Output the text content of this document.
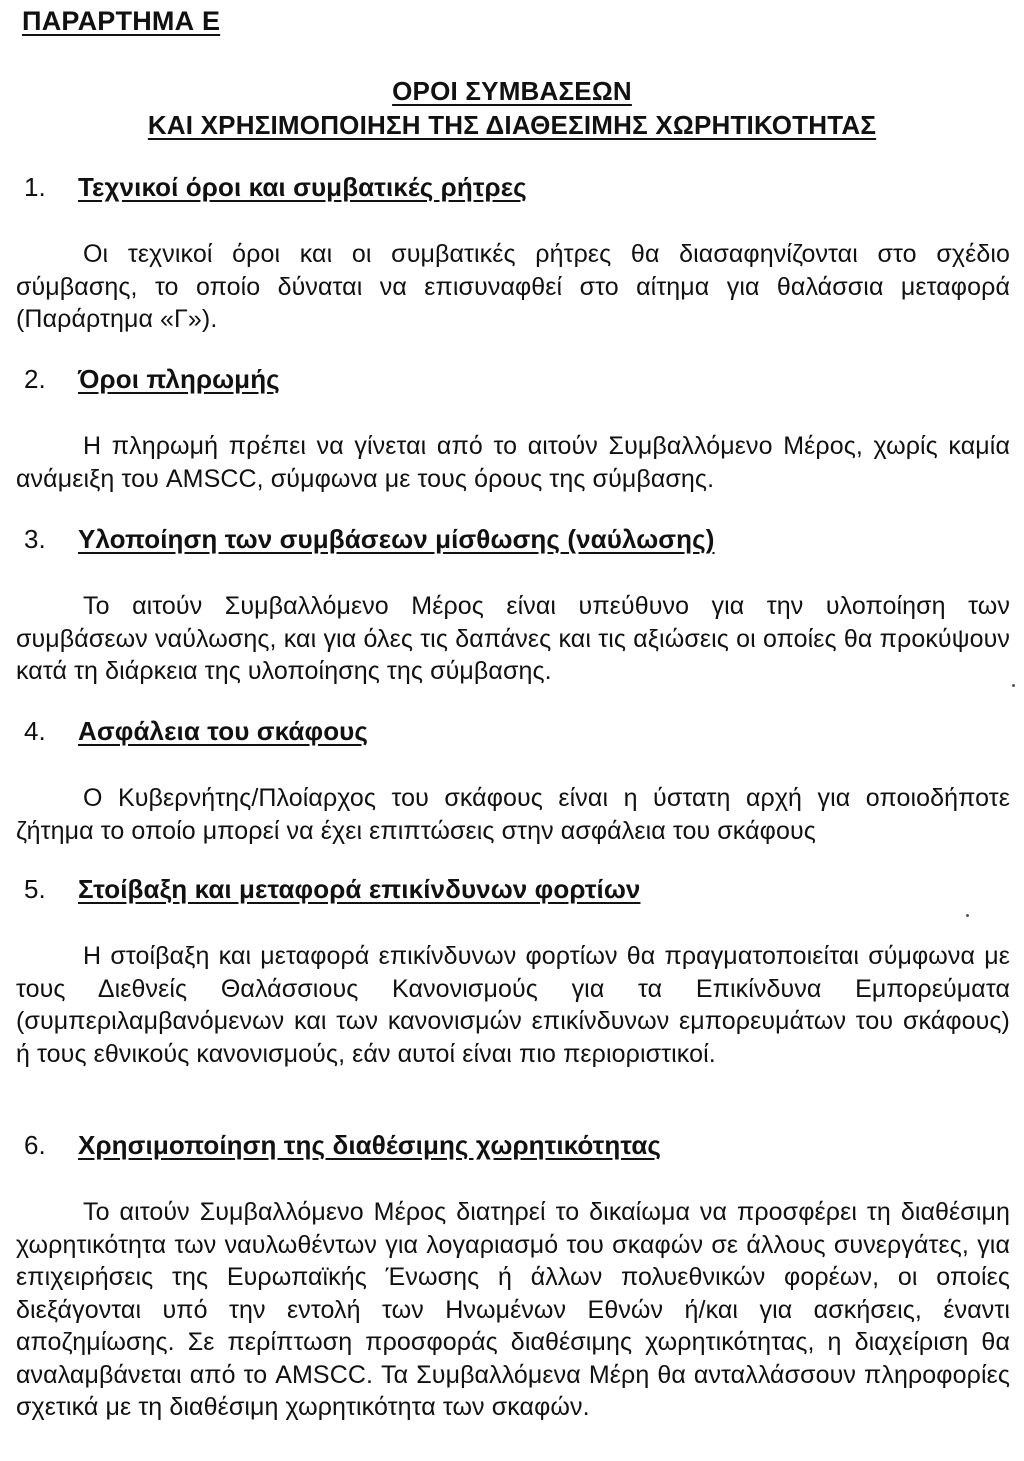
ΠΑΡΑΡΤΗΜΑ Ε
ΟΡΟΙ ΣΥΜΒΑΣΕΩΝ
ΚΑΙ ΧΡΗΣΙΜΟΠΟΙΗΣΗ ΤΗΣ ΔΙΑΘΕΣΙΜΗΣ ΧΩΡΗΤΙΚΟΤΗΤΑΣ
1.	Τεχνικοί όροι και συμβατικές ρήτρες
Οι τεχνικοί όροι και οι συμβατικές ρήτρες θα διασαφηνίζονται στο σχέδιο σύμβασης, το οποίο δύναται να επισυναφθεί στο αίτημα για θαλάσσια μεταφορά (Παράρτημα «Γ»).
2.	Όροι πληρωμής
Η πληρωμή πρέπει να γίνεται από το αιτούν Συμβαλλόμενο Μέρος, χωρίς καμία ανάμειξη του AMSCC, σύμφωνα με τους όρους της σύμβασης.
3.	Υλοποίηση των συμβάσεων μίσθωσης (ναύλωσης)
Το αιτούν Συμβαλλόμενο Μέρος είναι υπεύθυνο για την υλοποίηση των συμβάσεων ναύλωσης, και για όλες τις δαπάνες και τις αξιώσεις οι οποίες θα προκύψουν κατά τη διάρκεια της υλοποίησης της σύμβασης.
4.	Ασφάλεια του σκάφους
Ο Κυβερνήτης/Πλοίαρχος του σκάφους είναι η ύστατη αρχή για οποιοδήποτε ζήτημα το οποίο μπορεί να έχει επιπτώσεις στην ασφάλεια του σκάφους
5.	Στοίβαξη και μεταφορά επικίνδυνων φορτίων
Η στοίβαξη και μεταφορά επικίνδυνων φορτίων θα πραγματοποιείται σύμφωνα με τους Διεθνείς Θαλάσσιους Κανονισμούς για τα Επικίνδυνα Εμπορεύματα (συμπεριλαμβανόμενων και των κανονισμών επικίνδυνων εμπορευμάτων του σκάφους) ή τους εθνικούς κανονισμούς, εάν αυτοί είναι πιο περιοριστικοί.
6.	Χρησιμοποίηση της διαθέσιμης χωρητικότητας
Το αιτούν Συμβαλλόμενο Μέρος διατηρεί το δικαίωμα να προσφέρει τη διαθέσιμη χωρητικότητα των ναυλωθέντων για λογαριασμό του σκαφών σε άλλους συνεργάτες, για επιχειρήσεις της Ευρωπαϊκής Ένωσης ή άλλων πολυεθνικών φορέων, οι οποίες διεξάγονται υπό την εντολή των Ηνωμένων Εθνών ή/και για ασκήσεις, έναντι αποζημίωσης. Σε περίπτωση προσφοράς διαθέσιμης χωρητικότητας, η διαχείριση θα αναλαμβάνεται από το AMSCC. Τα Συμβαλλόμενα Μέρη θα ανταλλάσσουν πληροφορίες σχετικά με τη διαθέσιμη χωρητικότητα των σκαφών.
